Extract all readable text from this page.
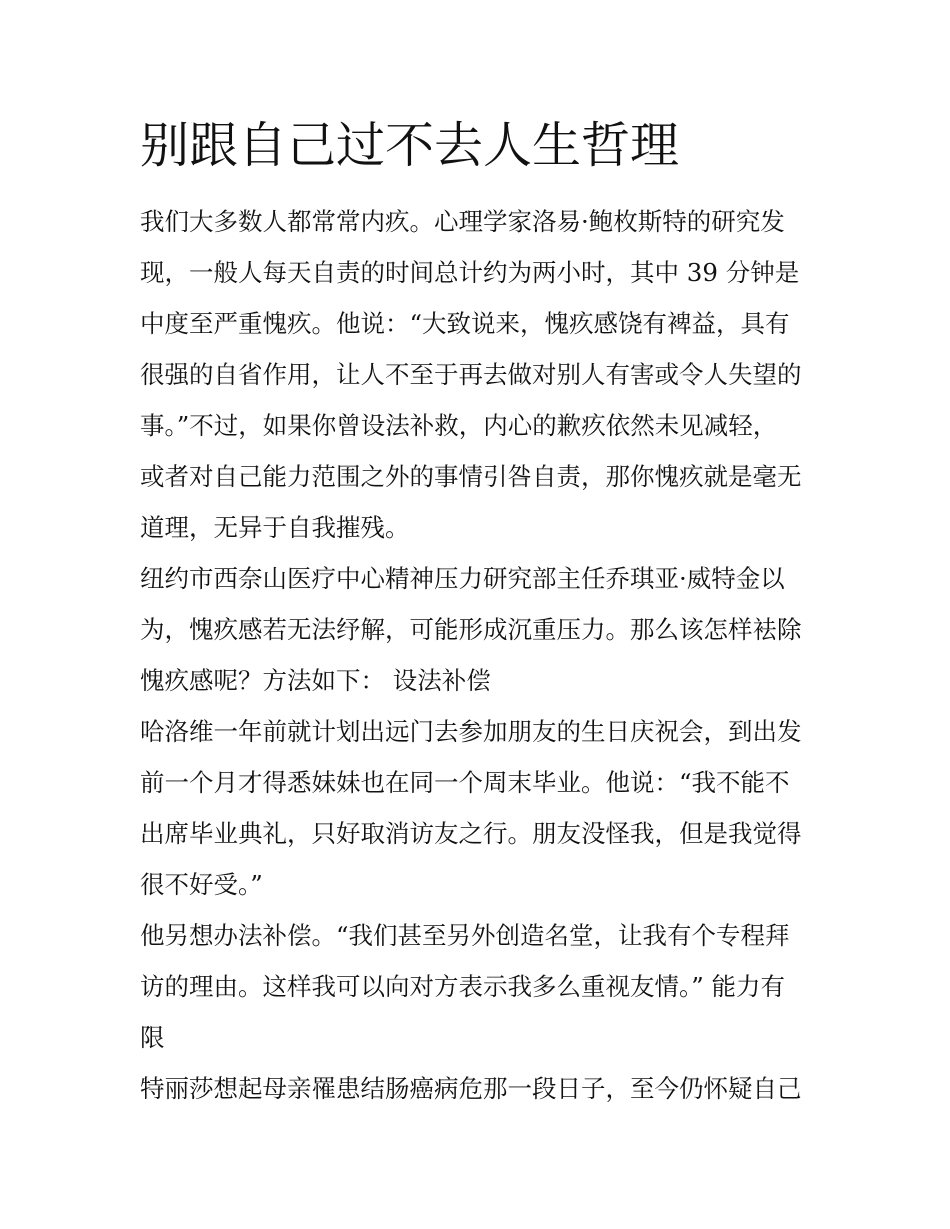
别跟自己过不去人生哲理
我们大多数人都常常内疚。心理学家洛易·鲍枚斯特的研究发
现，一般人每天自责的时间总计约为两小时，其中 39 分钟是
中度至严重愧疚。他说：“大致说来，愧疚感饶有裨益，具有
很强的自省作用，让人不至于再去做对别人有害或令人失望的
事。”不过，如果你曾设法补救，内心的歉疚依然未见减轻，
或者对自己能力范围之外的事情引咎自责，那你愧疚就是毫无
道理，无异于自我摧残。
纽约市西奈山医疗中心精神压力研究部主任乔琪亚·威特金以
为，愧疚感若无法纾解，可能形成沉重压力。那么该怎样袪除
愧疚感呢？方法如下： 设法补偿
哈洛维一年前就计划出远门去参加朋友的生日庆祝会，到出发
前一个月才得悉妹妹也在同一个周末毕业。他说：“我不能不
出席毕业典礼，只好取消访友之行。朋友没怪我，但是我觉得
很不好受。”
他另想办法补偿。“我们甚至另外创造名堂，让我有个专程拜
访的理由。这样我可以向对方表示我多么重视友情。” 能力有
限
特丽莎想起母亲罹患结肠癌病危那一段日子，至今仍怀疑自己
